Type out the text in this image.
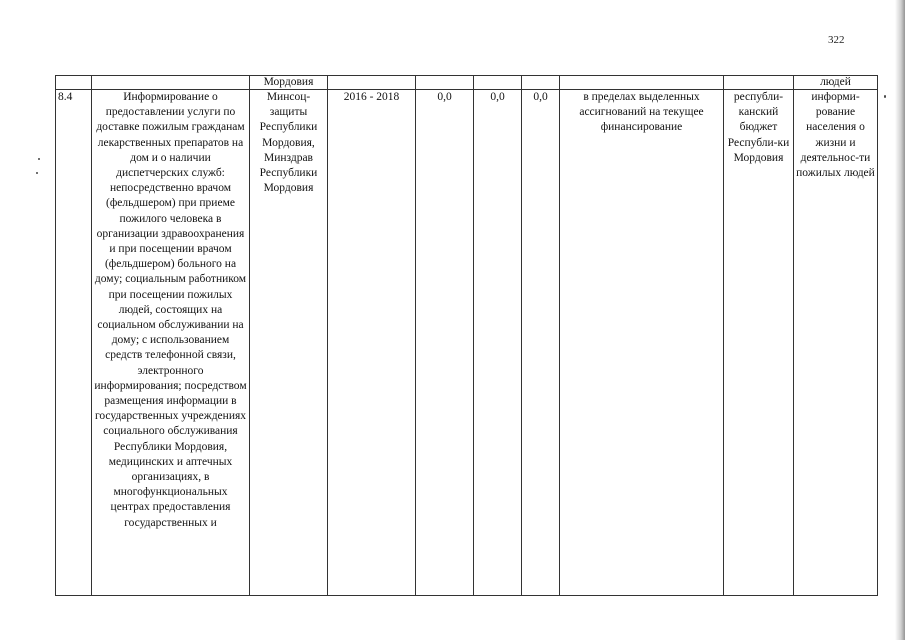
322
		Мордовия							людей
8.4	Информирование о предоставлении услуги по доставке пожилым гражданам лекарственных препаратов на дом и о наличии диспетчерских служб: непосредственно врачом (фельдшером) при приеме пожилого человека в организации здравоохранения и при посещении врачом (фельдшером) больного на дому; социальным работником при посещении пожилых людей, состоящих на социальном обслуживании на дому; с использованием средств телефонной связи, электронного информирования; посредством размещения информации в государственных учреждениях социального обслуживания Республики Мордовия, медицинских и аптечных организациях, в многофункциональных центрах предоставления государственных и	Минсоц-защиты Республики Мордовия, Минздрав Республики Мордовия	2016 - 2018	0,0	0,0	0,0	в пределах выделенных ассигнований на текущее финансирование	республи-канский бюджет Республи-ки Мордовия	информи-рование населения о жизни и деятельнос-ти пожилых людей
